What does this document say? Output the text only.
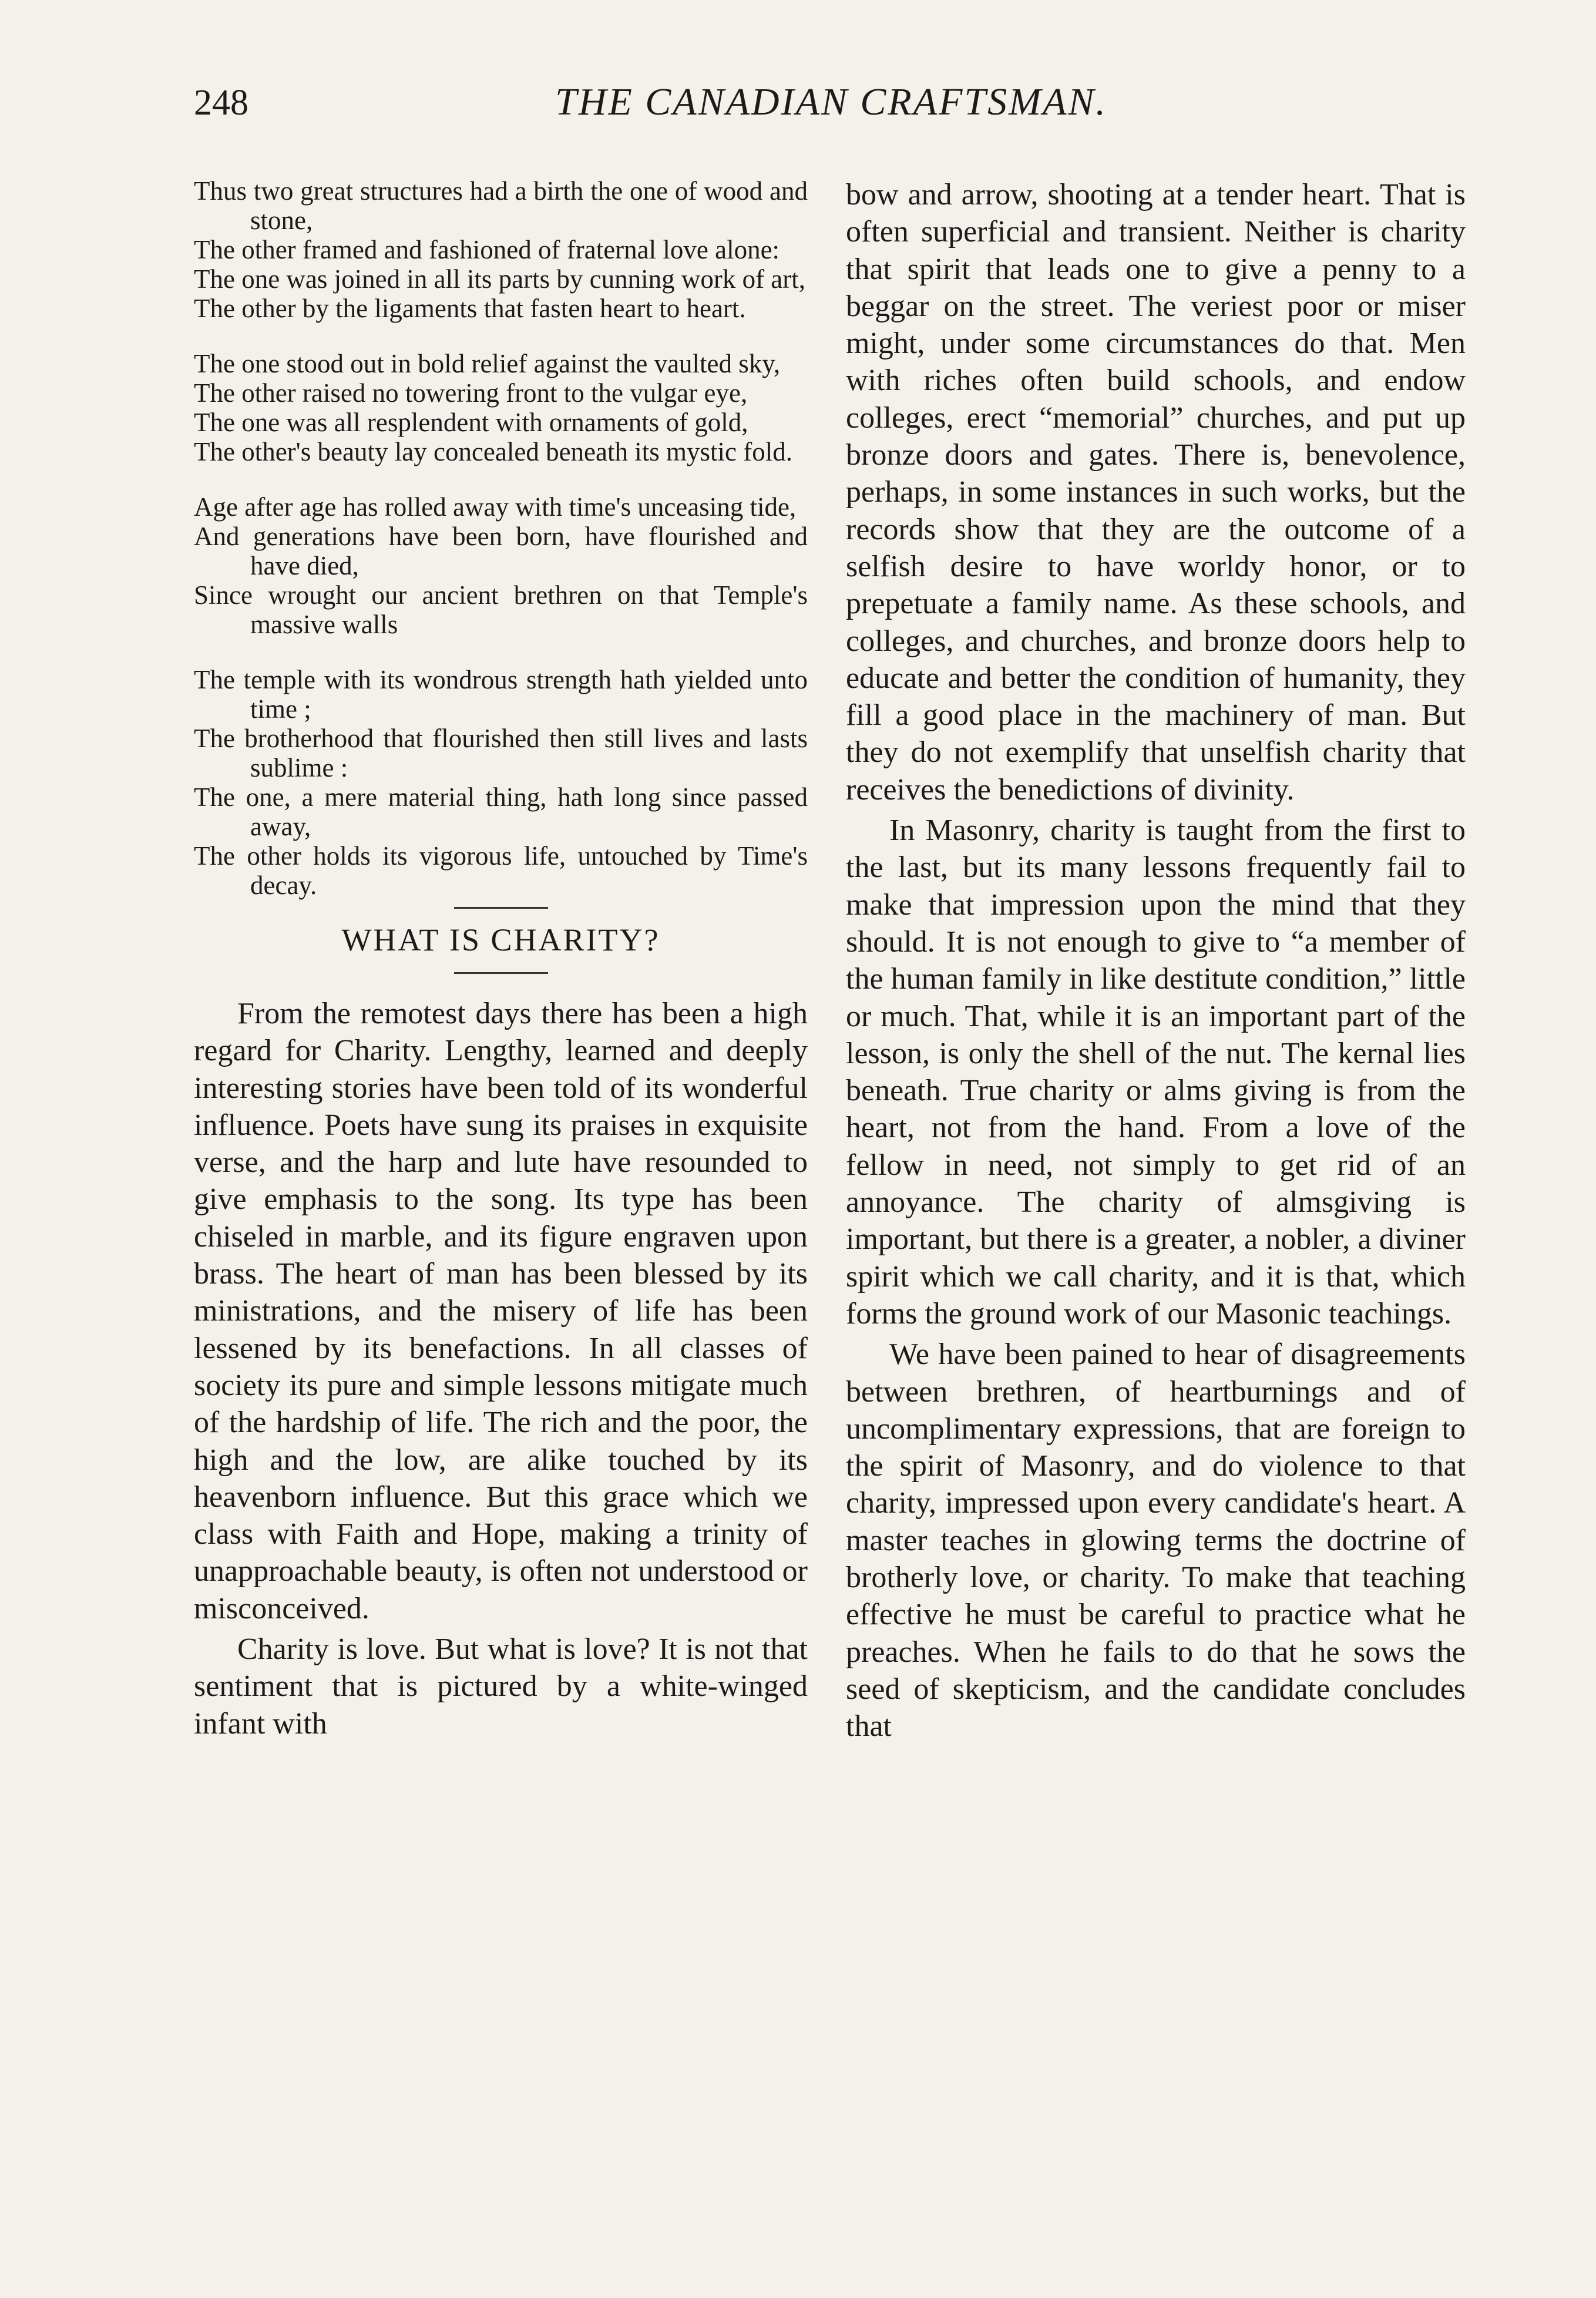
248	THE CANADIAN CRAFTSMAN.
Thus two great structures had a birth the one of wood and stone,
The other framed and fashioned of fraternal love alone:
The one was joined in all its parts by cunning work of art,
The other by the ligaments that fasten heart to heart.
The one stood out in bold relief against the vaulted sky,
The other raised no towering front to the vulgar eye,
The one was all resplendent with ornaments of gold,
The other's beauty lay concealed beneath its mystic fold.
Age after age has rolled away with time's unceasing tide,
And generations have been born, have flourished and have died,
Since wrought our ancient brethren on that Temple's massive walls
The temple with its wondrous strength hath yielded unto time ;
The brotherhood that flourished then still lives and lasts sublime :
The one, a mere material thing, hath long since passed away,
The other holds its vigorous life, untouched by Time's decay.
WHAT IS CHARITY?

From the remotest days there has been a high regard for Charity. Lengthy, learned and deeply interesting stories have been told of its wonderful influence. Poets have sung its praises in exquisite verse, and the harp and lute have resounded to give emphasis to the song. Its type has been chiseled in marble, and its figure engraven upon brass. The heart of man has been blessed by its ministrations, and the misery of life has been lessened by its benefactions. In all classes of society its pure and simple lessons mitigate much of the hardship of life. The rich and the poor, the high and the low, are alike touched by its heavenborn influence. But this grace which we class with Faith and Hope, making a trinity of unapproachable beauty, is often not understood or misconceived.

Charity is love. But what is love? It is not that sentiment that is pictured by a white-winged infant with

bow and arrow, shooting at a tender heart. That is often superficial and transient. Neither is charity that spirit that leads one to give a penny to a beggar on the street. The veriest poor or miser might, under some circumstances do that. Men with riches often build schools, and endow colleges, erect “memorial” churches, and put up bronze doors and gates. There is, benevolence, perhaps, in some instances in such works, but the records show that they are the outcome of a selfish desire to have worldy honor, or to prepetuate a family name. As these schools, and colleges, and churches, and bronze doors help to educate and better the condition of humanity, they fill a good place in the machinery of man. But they do not exemplify that unselfish charity that receives the benedictions of divinity.

In Masonry, charity is taught from the first to the last, but its many lessons frequently fail to make that impression upon the mind that they should. It is not enough to give to “a member of the human family in like destitute condition,” little or much. That, while it is an important part of the lesson, is only the shell of the nut. The kernal lies beneath. True charity or alms giving is from the heart, not from the hand. From a love of the fellow in need, not simply to get rid of an annoyance. The charity of almsgiving is important, but there is a greater, a nobler, a diviner spirit which we call charity, and it is that, which forms the ground work of our Masonic teachings.

We have been pained to hear of disagreements between brethren, of heartburnings and of uncomplimentary expressions, that are foreign to the spirit of Masonry, and do violence to that charity, impressed upon every candidate's heart. A master teaches in glowing terms the doctrine of brotherly love, or charity. To make that teaching effective he must be careful to practice what he preaches. When he fails to do that he sows the seed of skepticism, and the candidate concludes that
